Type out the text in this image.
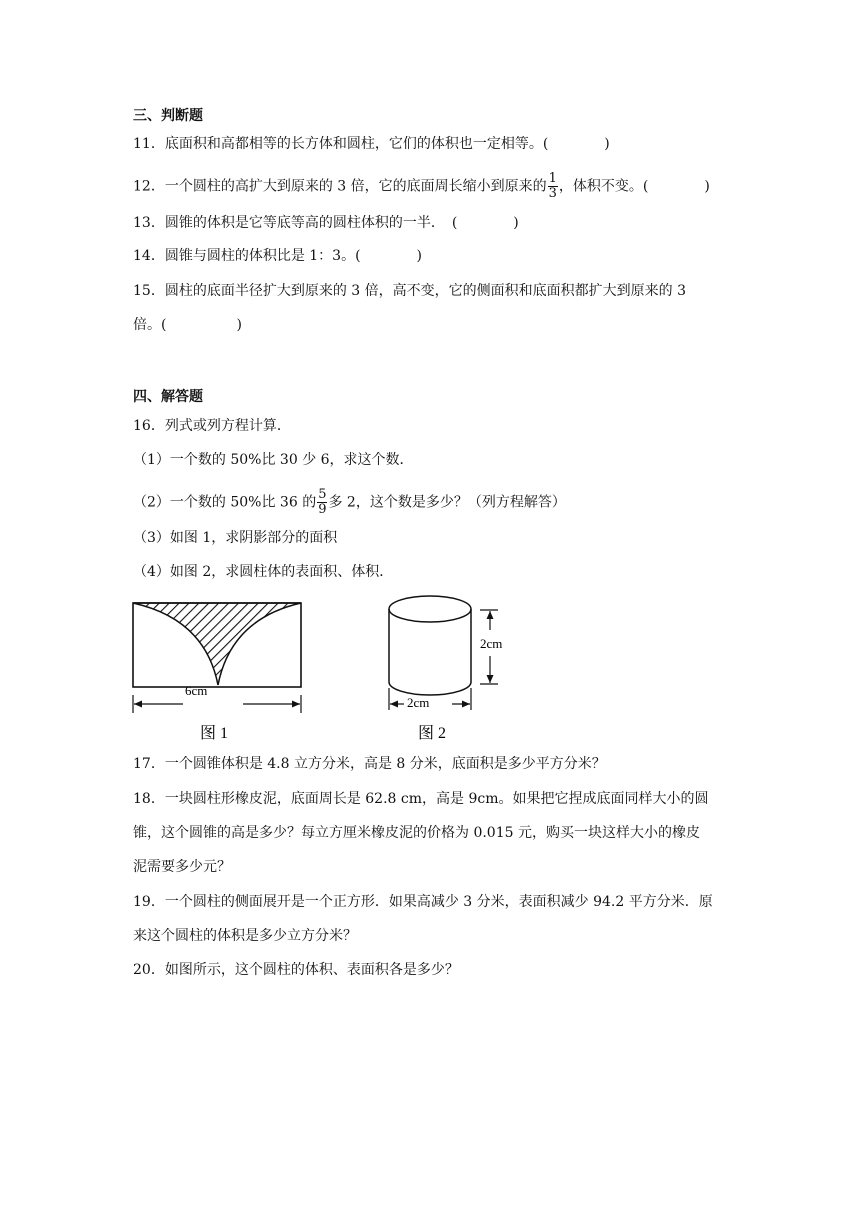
三、判断题
11．底面积和高都相等的长方体和圆柱，它们的体积也一定相等。(　　　　)
12．一个圆柱的高扩大到原来的 3 倍，它的底面周长缩小到原来的 $\frac{1}{3}$ ，体积不变。(　　　　)
13．圆锥的体积是它等底等高的圆柱体积的一半．　(　　　　)
14．圆锥与圆柱的体积比是 1：3。(　　　　)
15．圆柱的底面半径扩大到原来的 3 倍，高不变，它的侧面积和底面积都扩大到原来的 3
倍。(　　　　　)
四、解答题
16．列式或列方程计算．
（1）一个数的 50%比 30 少 6，求这个数．
（2）一个数的 50%比 36 的 $\frac{5}{9}$ 多 2，这个数是多少？（列方程解答）
（3）如图 1，求阴影部分的面积
（4）如图 2，求圆柱体的表面积、体积．
6cm
图 1
2cm
2cm
图 2
17．一个圆锥体积是 4.8 立方分米，高是 8 分米，底面积是多少平方分米？
18．一块圆柱形橡皮泥，底面周长是 62.8 cm，高是 9cm。如果把它捏成底面同样大小的圆
锥，这个圆锥的高是多少？每立方厘米橡皮泥的价格为 0.015 元，购买一块这样大小的橡皮
泥需要多少元？
19．一个圆柱的侧面展开是一个正方形．如果高减少 3 分米，表面积减少 94.2 平方分米．原
来这个圆柱的体积是多少立方分米？
20．如图所示，这个圆柱的体积、表面积各是多少？
